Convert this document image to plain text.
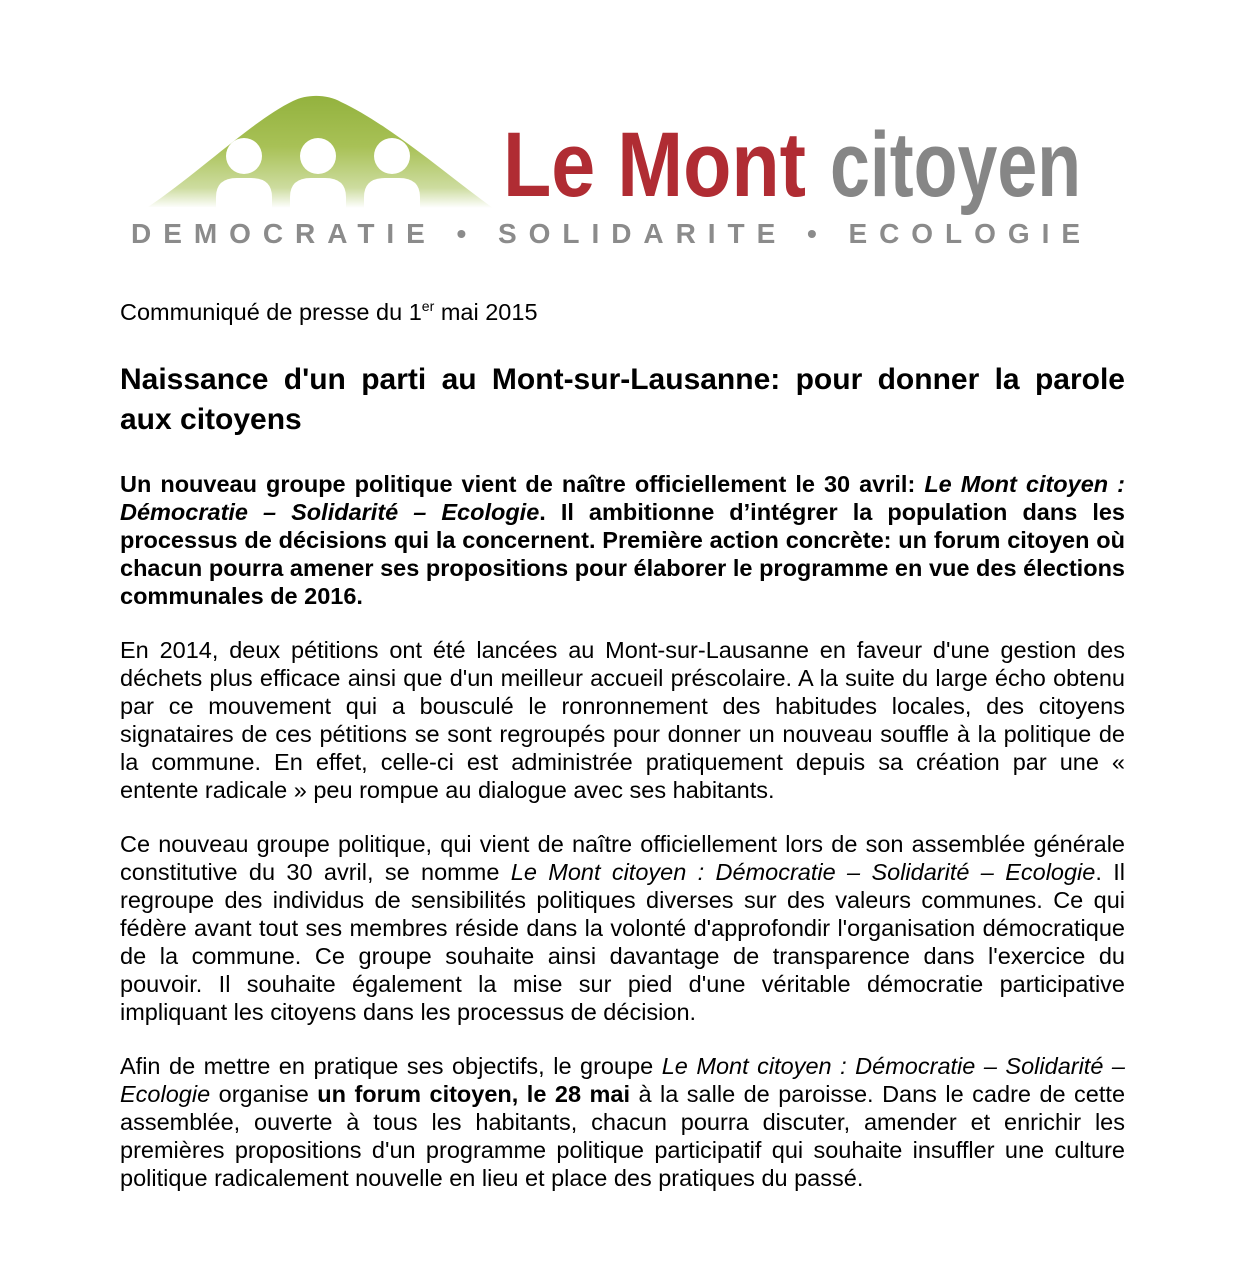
Le Mont citoyen
DEMOCRATIE • SOLIDARITE • ECOLOGIE

Communiqué de presse du 1er mai 2015

Naissance d'un parti au Mont-sur-Lausanne: pour donner la parole aux citoyens

Un nouveau groupe politique vient de naître officiellement le 30 avril: Le Mont citoyen : Démocratie – Solidarité – Ecologie. Il ambitionne d’intégrer la population dans les processus de décisions qui la concernent. Première action concrète: un forum citoyen où chacun pourra amener ses propositions pour élaborer le programme en vue des élections communales de 2016.

En 2014, deux pétitions ont été lancées au Mont-sur-Lausanne en faveur d'une gestion des déchets plus efficace ainsi que d'un meilleur accueil préscolaire. A la suite du large écho obtenu par ce mouvement qui a bousculé le ronronnement des habitudes locales, des citoyens signataires de ces pétitions se sont regroupés pour donner un nouveau souffle à la politique de la commune. En effet, celle-ci est administrée pratiquement depuis sa création par une « entente radicale » peu rompue au dialogue avec ses habitants.

Ce nouveau groupe politique, qui vient de naître officiellement lors de son assemblée générale constitutive du 30 avril, se nomme Le Mont citoyen : Démocratie – Solidarité – Ecologie. Il regroupe des individus de sensibilités politiques diverses sur des valeurs communes. Ce qui fédère avant tout ses membres réside dans la volonté d'approfondir l'organisation démocratique de la commune. Ce groupe souhaite ainsi davantage de transparence dans l'exercice du pouvoir. Il souhaite également la mise sur pied d'une véritable démocratie participative impliquant les citoyens dans les processus de décision.

Afin de mettre en pratique ses objectifs, le groupe Le Mont citoyen : Démocratie – Solidarité – Ecologie organise un forum citoyen, le 28 mai à la salle de paroisse. Dans le cadre de cette assemblée, ouverte à tous les habitants, chacun pourra discuter, amender et enrichir les premières propositions d'un programme politique participatif qui souhaite insuffler une culture politique radicalement nouvelle en lieu et place des pratiques du passé.
